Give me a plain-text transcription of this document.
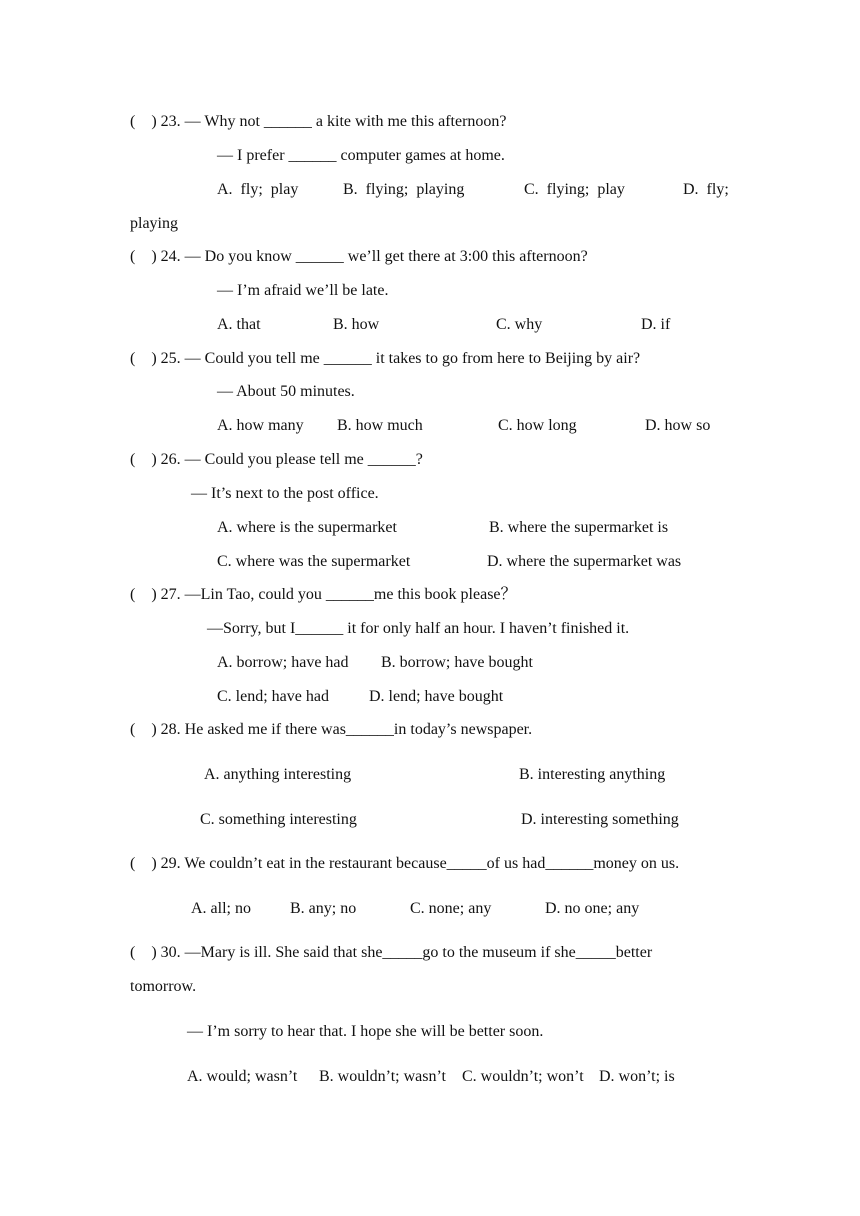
(    ) 23. — Why not ______ a kite with me this afternoon?
— I prefer ______ computer games at home.
A.  fly;  play	B.  flying;  playing	C.  flying;  play	D.  fly;
playing
(    ) 24. — Do you know ______ we’ll get there at 3:00 this afternoon?
— I’m afraid we’ll be late.
A. that	B. how	C. why	D. if
(    ) 25. — Could you tell me ______ it takes to go from here to Beijing by air?
— About 50 minutes.
A. how many B. how much	C. how long	D. how so
(    ) 26. — Could you please tell me ______?
— It’s next to the post office.
A. where is the supermarket	B. where the supermarket is
C. where was the supermarket	D. where the supermarket was
(    ) 27. —Lin Tao, could you ______me this book please？
—Sorry, but I______ it for only half an hour. I haven’t finished it.
A. borrow; have had B. borrow; have bought
C. lend; have had	D. lend; have bought
(    ) 28. He asked me if there was______in today’s newspaper.
A. anything interesting	B. interesting anything
C. something interesting	D. interesting something
(    ) 29. We couldn’t eat in the restaurant because_____of us had______money on us.
A. all; no B. any; no	C. none; any	D. no one; any
(    ) 30. —Mary is ill. She said that she_____go to the museum if she_____better
tomorrow.
— I’m sorry to hear that. I hope she will be better soon.
A. would; wasn’t B. wouldn’t; wasn’t C. wouldn’t; won’t D. won’t; is
